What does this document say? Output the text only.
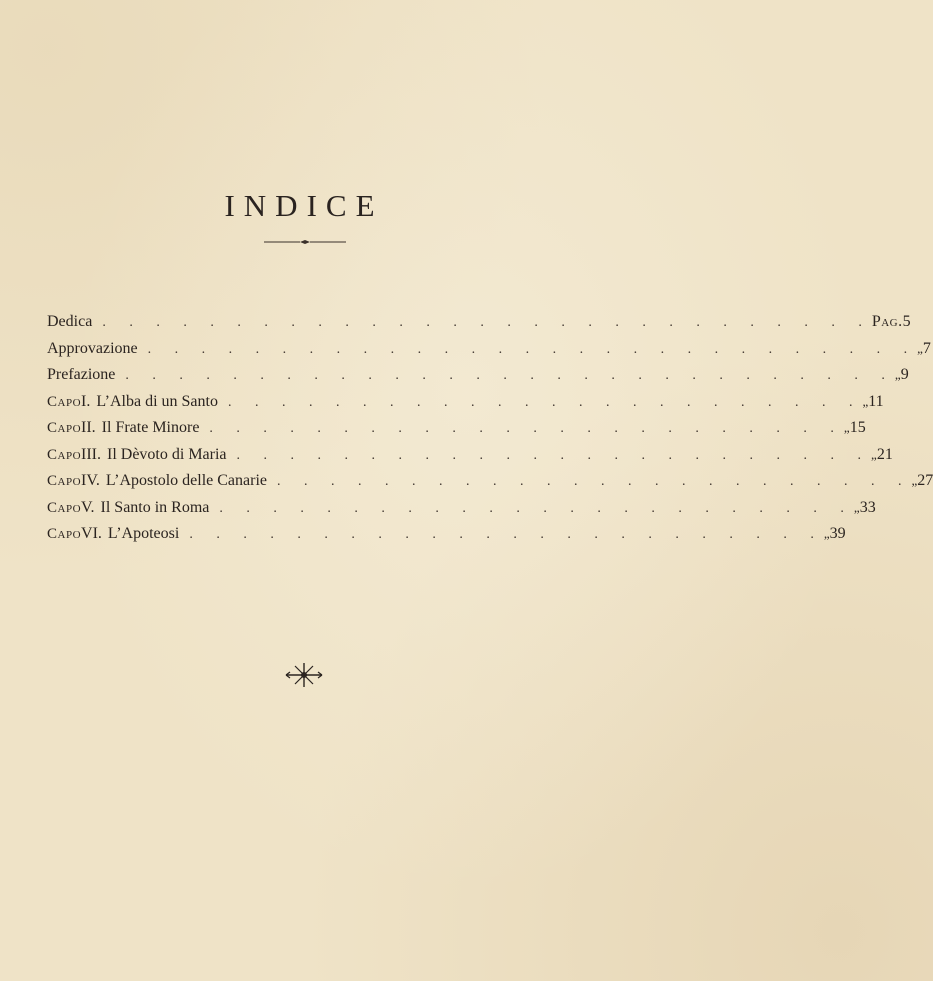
INDICE
Dedica . . . . . . . . . . . . . . . . . . . . . . . . . . . . . Pag. 5
Approvazione . . . . . . . . . . . . . . . . . . . . . . . . . . . . . „ 7
Prefazione . . . . . . . . . . . . . . . . . . . . . . . . . . . . . „ 9
Capo I. L’Alba di un Santo . . . . . . . . . . . . . . . . . . . . . . . . „ 11
Capo II. Il Frate Minore . . . . . . . . . . . . . . . . . . . . . . . . „ 15
Capo III. Il Dèvoto di Maria . . . . . . . . . . . . . . . . . . . . . . . . „ 21
Capo IV. L’Apostolo delle Canarie . . . . . . . . . . . . . . . . . . . . . . . . „ 27
Capo V. Il Santo in Roma . . . . . . . . . . . . . . . . . . . . . . . . „ 33
Capo VI. L’Apoteosi . . . . . . . . . . . . . . . . . . . . . . . . „ 39
